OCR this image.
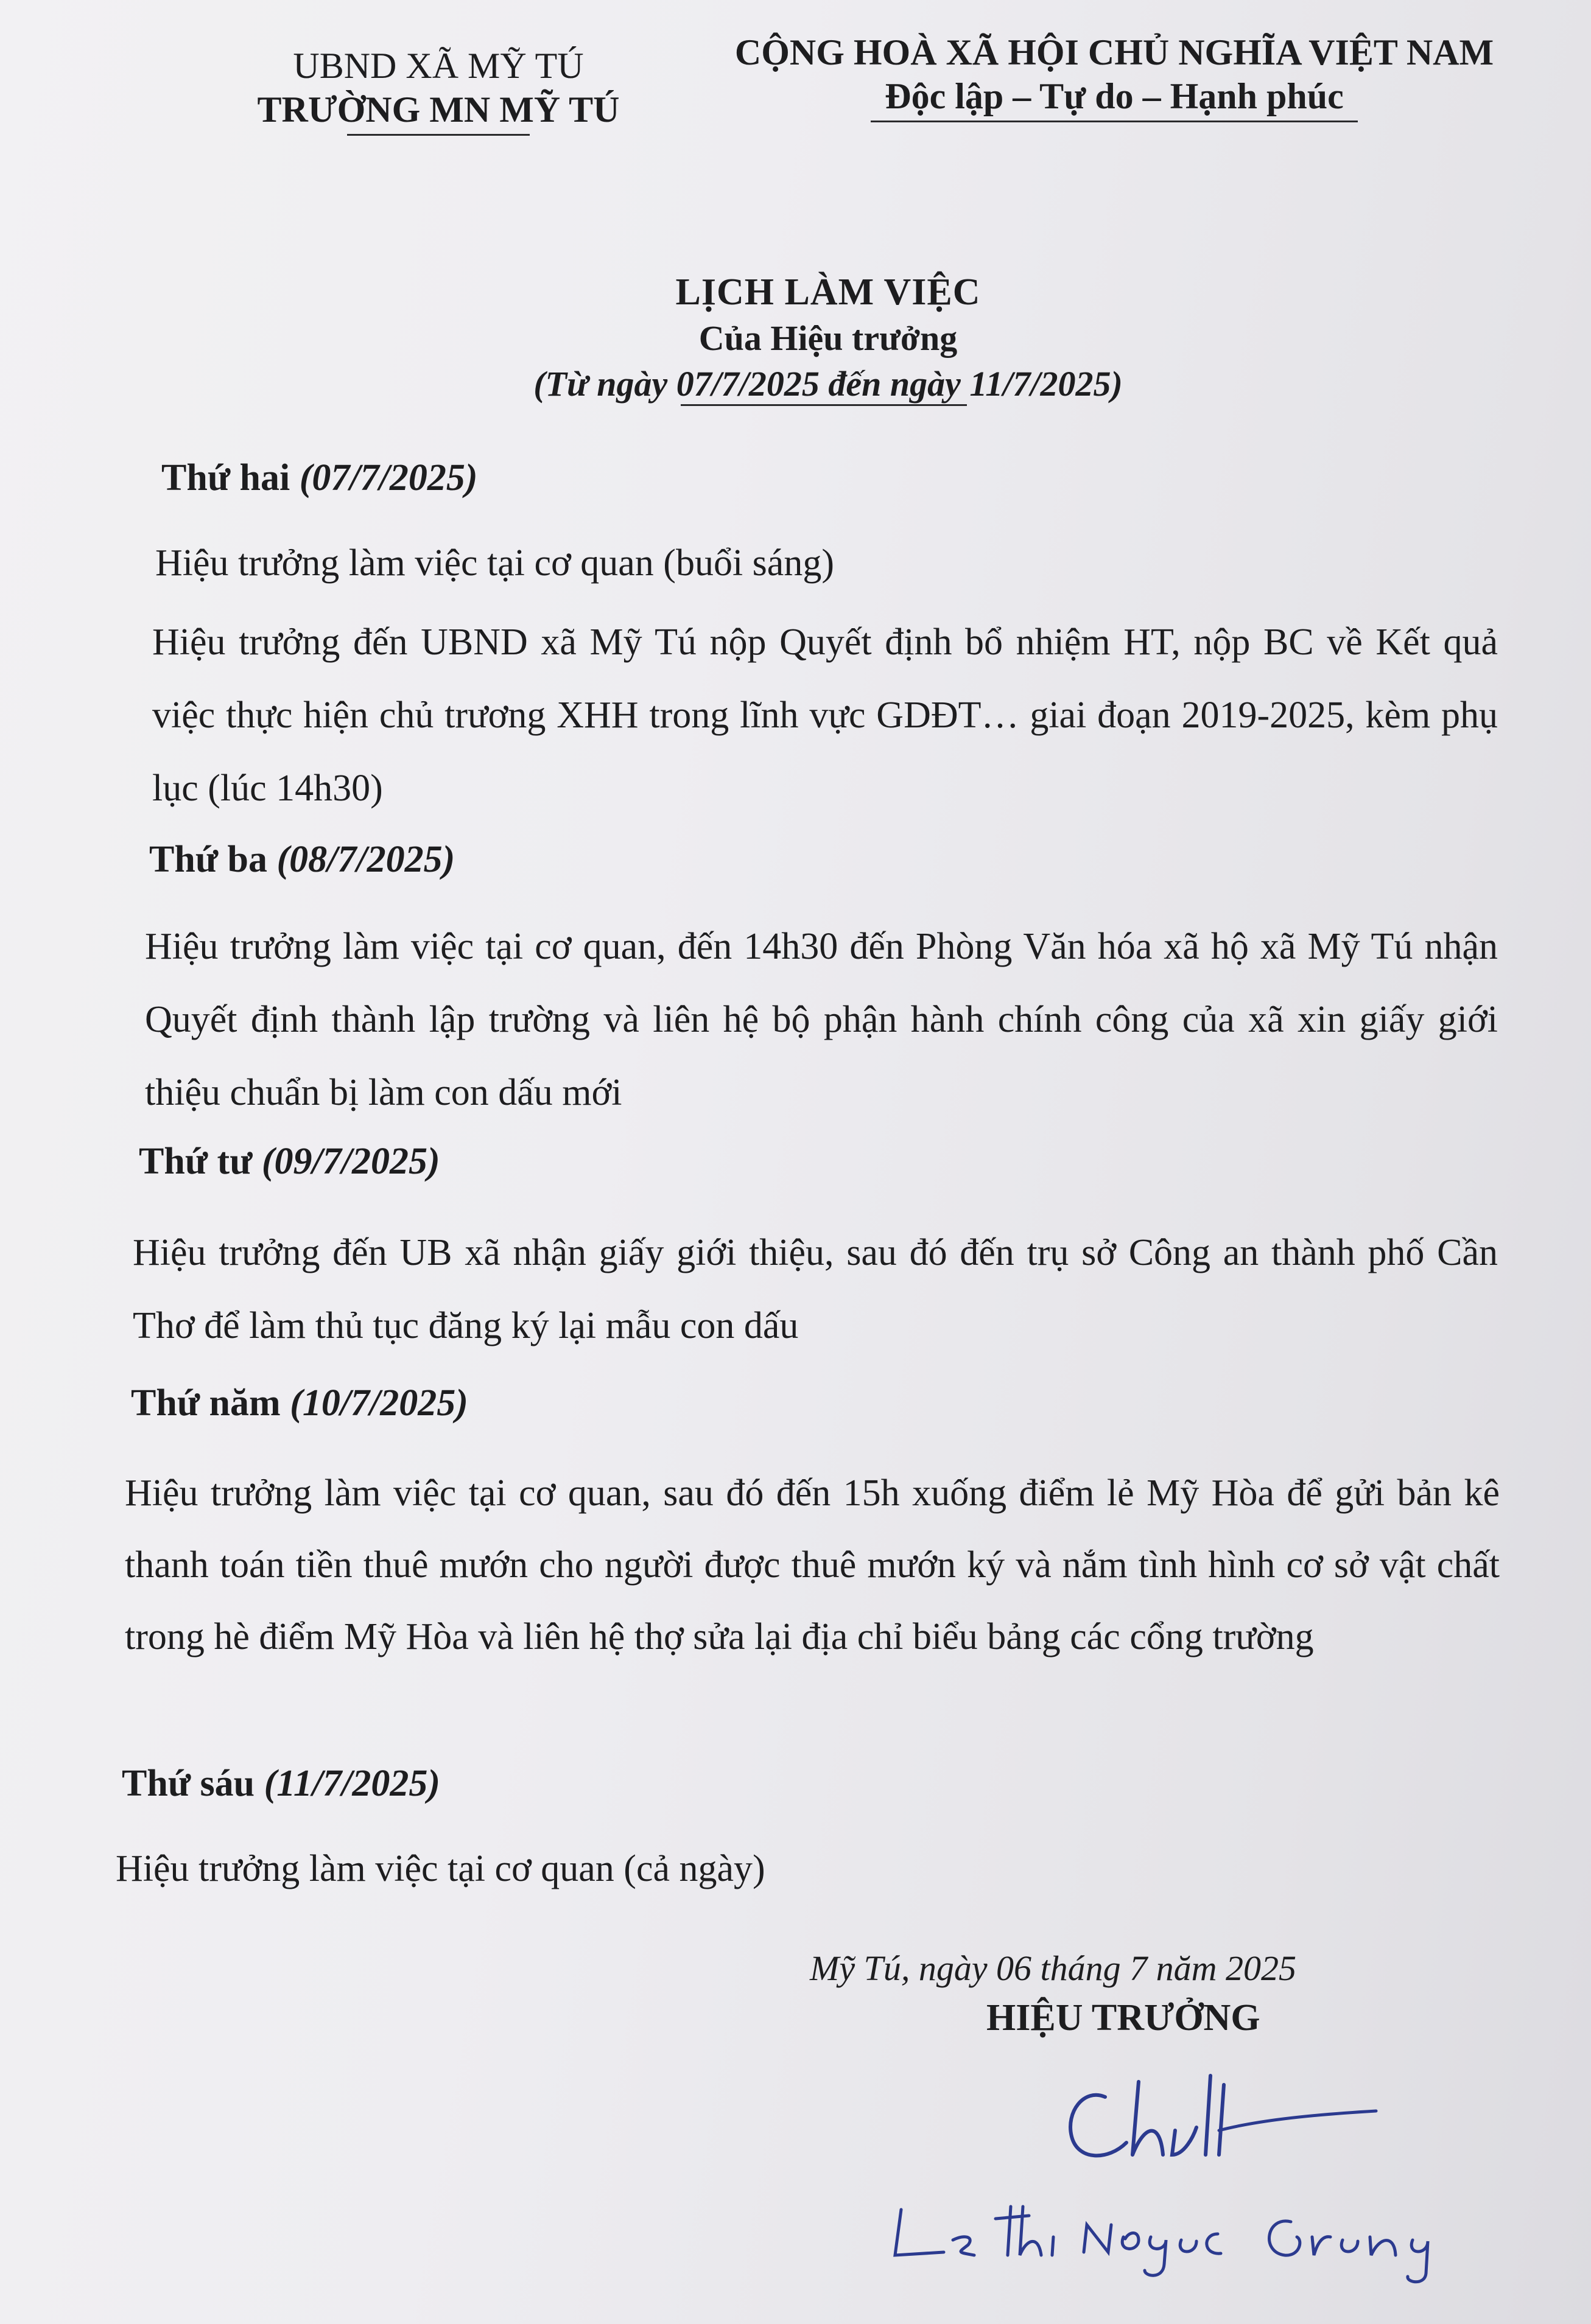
UBND XÃ MỸ TÚ
TRƯỜNG MN MỸ TÚ
CỘNG HOÀ XÃ HỘI CHỦ NGHĨA VIỆT NAM
Độc lập – Tự do – Hạnh phúc
LỊCH LÀM VIỆC
Của Hiệu trưởng
(Từ ngày 07/7/2025 đến ngày 11/7/2025)
Thứ hai (07/7/2025)
Hiệu trưởng làm việc tại cơ quan (buổi sáng)
Hiệu trưởng đến UBND xã Mỹ Tú nộp Quyết định bổ nhiệm HT, nộp BC về Kết quả việc thực hiện chủ trương XHH trong lĩnh vực GDĐT… giai đoạn 2019-2025, kèm phụ lục (lúc 14h30)
Thứ ba (08/7/2025)
Hiệu trưởng làm việc tại cơ quan, đến 14h30 đến Phòng Văn hóa xã hộ xã Mỹ Tú nhận Quyết định thành lập trường và liên hệ bộ phận hành chính công của xã xin giấy giới thiệu chuẩn bị làm con dấu mới
Thứ tư (09/7/2025)
Hiệu trưởng đến UB xã nhận giấy giới thiệu, sau đó đến trụ sở Công an thành phố Cần Thơ để làm thủ tục đăng ký lại mẫu con dấu
Thứ năm (10/7/2025)
Hiệu trưởng làm việc tại cơ quan, sau đó đến 15h xuống điểm lẻ Mỹ Hòa để gửi bản kê thanh toán tiền thuê mướn cho người được thuê mướn ký và nắm tình hình cơ sở vật chất trong hè điểm Mỹ Hòa và liên hệ thợ sửa lại địa chỉ biểu bảng các cổng trường
Thứ sáu (11/7/2025)
Hiệu trưởng làm việc tại cơ quan (cả ngày)
Mỹ Tú, ngày 06 tháng 7 năm 2025
HIỆU TRƯỞNG
